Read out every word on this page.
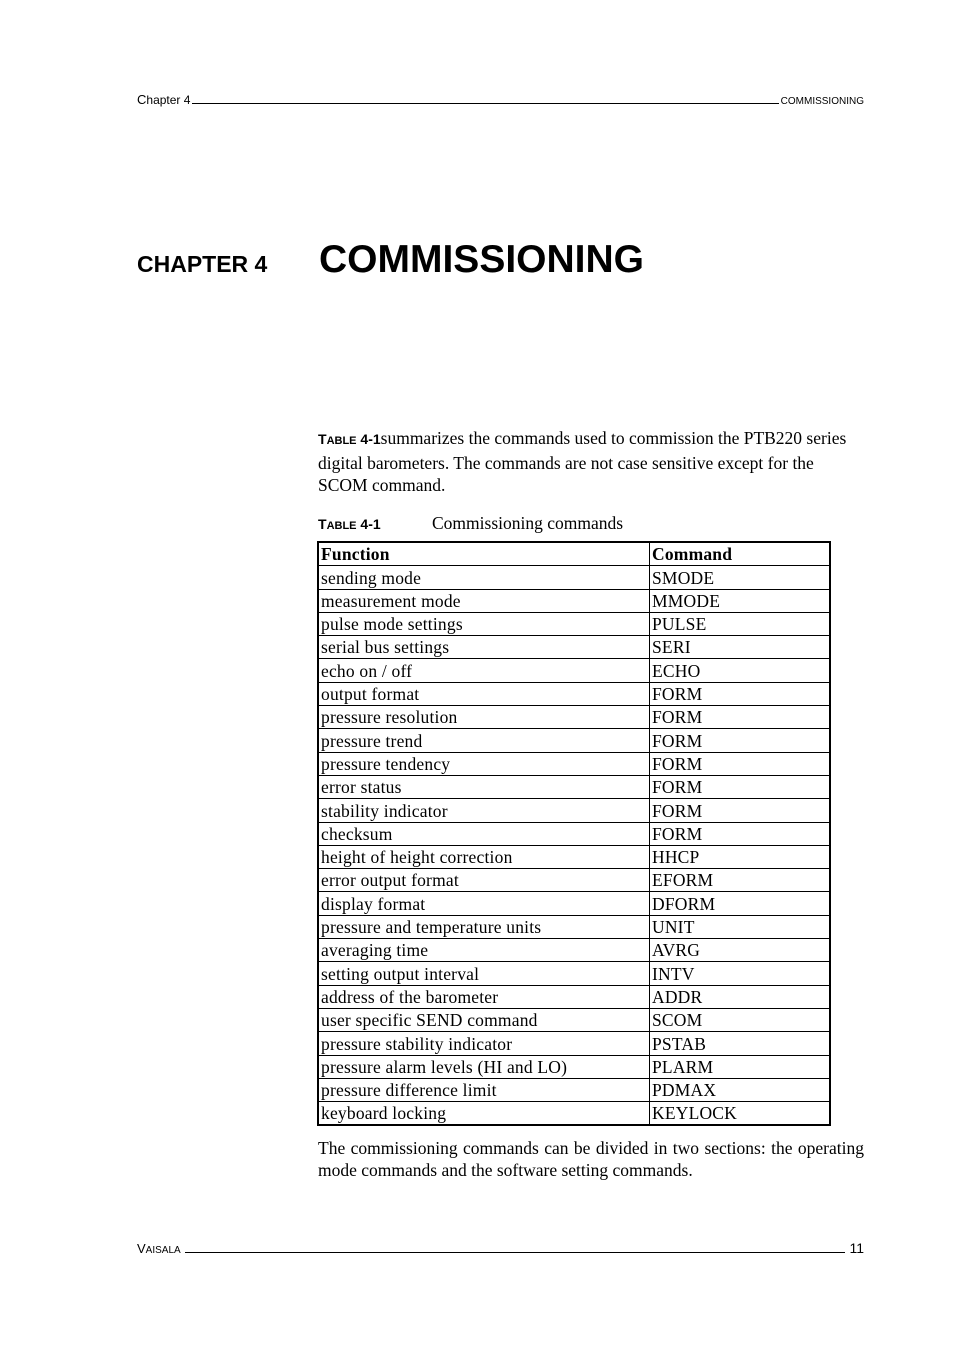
Chapter 4	COMMISSIONING
CHAPTER 4	COMMISSIONING

TABLE 4-1summarizes the commands used to commission the PTB220 series digital barometers. The commands are not case sensitive except for the SCOM command.

TABLE 4-1	Commissioning commands
Function	Command
sending mode	SMODE
measurement mode	MMODE
pulse mode settings	PULSE
serial bus settings	SERI
echo on / off	ECHO
output format	FORM
pressure resolution	FORM
pressure trend	FORM
pressure tendency	FORM
error status	FORM
stability indicator	FORM
checksum	FORM
height of height correction	HHCP
error output format	EFORM
display format	DFORM
pressure and temperature units	UNIT
averaging time	AVRG
setting output interval	INTV
address of the barometer	ADDR
user specific SEND command	SCOM
pressure stability indicator	PSTAB
pressure alarm levels (HI and LO)	PLARM
pressure difference limit	PDMAX
keyboard locking	KEYLOCK

The commissioning commands can be divided in two sections: the operating mode commands and the software setting commands.

VAISALA	11
